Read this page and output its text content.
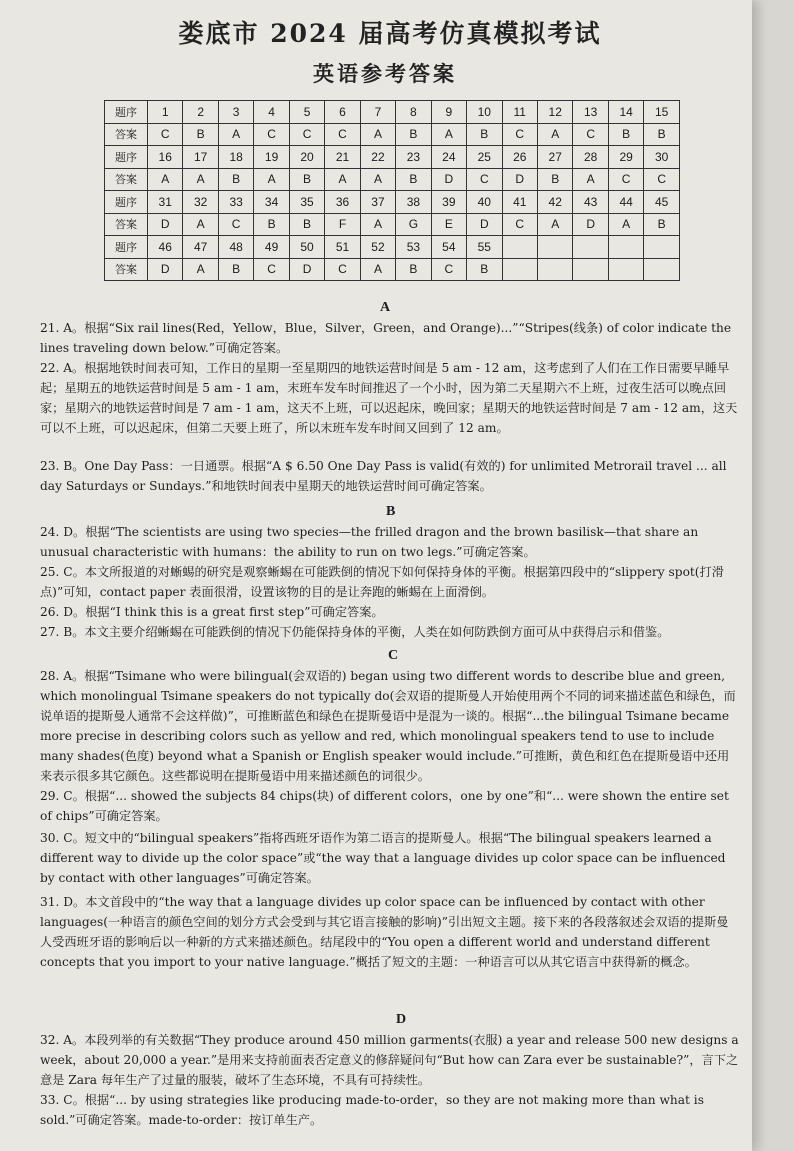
娄底市 2024 届高考仿真模拟考试
英语参考答案
题序	1	2	3	4	5	6	7	8	9	10	11	12	13	14	15
答案	C	B	A	C	C	C	A	B	A	B	C	A	C	B	B
题序	16	17	18	19	20	21	22	23	24	25	26	27	28	29	30
答案	A	A	B	A	B	A	A	B	D	C	D	B	A	C	C
题序	31	32	33	34	35	36	37	38	39	40	41	42	43	44	45
答案	D	A	C	B	B	F	A	G	E	D	C	A	D	A	B
题序	46	47	48	49	50	51	52	53	54	55					
答案	D	A	B	C	D	C	A	B	C	B					
A

21. A。根据“Six rail lines(Red，Yellow，Blue，Silver，Green，and Orange)...”“Stripes(线条) of color indicate the lines traveling down below.”可确定答案。

22. A。根据地铁时间表可知，工作日的星期一至星期四的地铁运营时间是 5 am - 12 am，这考虑到了人们在工作日需要早睡早起；星期五的地铁运营时间是 5 am - 1 am，末班车发车时间推迟了一个小时，因为第二天星期六不上班，过夜生活可以晚点回家；星期六的地铁运营时间是 7 am - 1 am，这天不上班，可以迟起床，晚回家；星期天的地铁运营时间是 7 am - 12 am，这天可以不上班，可以迟起床，但第二天要上班了，所以末班车发车时间又回到了 12 am。

23. B。One Day Pass：一日通票。根据“A $ 6.50 One Day Pass is valid(有效的) for unlimited Metrorail travel ... all day Saturdays or Sundays.”和地铁时间表中星期天的地铁运营时间可确定答案。

B

24. D。根据“The scientists are using two species—the frilled dragon and the brown basilisk—that share an unusual characteristic with humans：the ability to run on two legs.”可确定答案。

25. C。本文所报道的对蜥蜴的研究是观察蜥蜴在可能跌倒的情况下如何保持身体的平衡。根据第四段中的“slippery spot(打滑点)”可知，contact paper 表面很滑，设置该物的目的是让奔跑的蜥蜴在上面滑倒。

26. D。根据“I think this is a great first step”可确定答案。

27. B。本文主要介绍蜥蜴在可能跌倒的情况下仍能保持身体的平衡，人类在如何防跌倒方面可从中获得启示和借鉴。

C

28. A。根据“Tsimane who were bilingual(会双语的) began using two different words to describe blue and green, which monolingual Tsimane speakers do not typically do(会双语的提斯曼人开始使用两个不同的词来描述蓝色和绿色，而说单语的提斯曼人通常不会这样做)”，可推断蓝色和绿色在提斯曼语中是混为一谈的。根据“...the bilingual Tsimane became more precise in describing colors such as yellow and red, which monolingual speakers tend to use to include many shades(色度) beyond what a Spanish or English speaker would include.”可推断，黄色和红色在提斯曼语中还用来表示很多其它颜色。这些都说明在提斯曼语中用来描述颜色的词很少。

29. C。根据“... showed the subjects 84 chips(块) of different colors，one by one”和“... were shown the entire set of chips”可确定答案。

30. C。短文中的“bilingual speakers”指将西班牙语作为第二语言的提斯曼人。根据“The bilingual speakers learned a different way to divide up the color space”或“the way that a language divides up color space can be influenced by contact with other languages”可确定答案。

31. D。本文首段中的“the way that a language divides up color space can be influenced by contact with other languages(一种语言的颜色空间的划分方式会受到与其它语言接触的影响)”引出短文主题。接下来的各段落叙述会双语的提斯曼人受西班牙语的影响后以一种新的方式来描述颜色。结尾段中的“You open a different world and understand different concepts that you import to your native language.”概括了短文的主题：一种语言可以从其它语言中获得新的概念。

D

32. A。本段列举的有关数据“They produce around 450 million garments(衣服) a year and release 500 new designs a week，about 20,000 a year.”是用来支持前面表否定意义的修辞疑问句“But how can Zara ever be sustainable?”，言下之意是 Zara 每年生产了过量的服装，破坏了生态环境，不具有可持续性。

33. C。根据“... by using strategies like producing made-to-order，so they are not making more than what is sold.”可确定答案。made-to-order：按订单生产。
